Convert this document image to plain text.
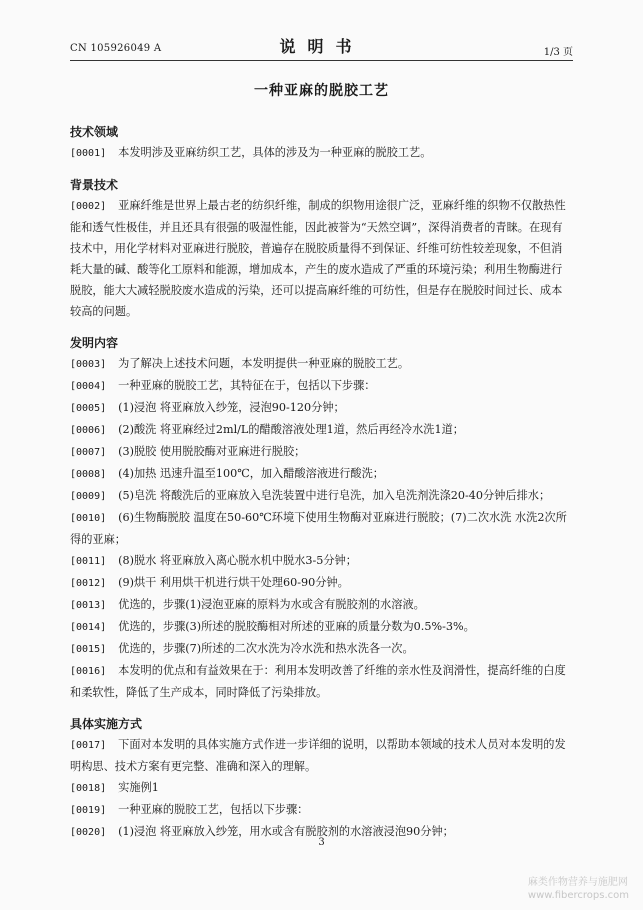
CN 105926049 A	说明书	1/3 页
一种亚麻的脱胶工艺

技术领域

[0001] 本发明涉及亚麻纺织工艺，具体的涉及为一种亚麻的脱胶工艺。

背景技术

[0002] 亚麻纤维是世界上最古老的纺织纤维，制成的织物用途很广泛，亚麻纤维的织物不仅散热性能和透气性极佳，并且还具有很强的吸湿性能，因此被誉为“天然空调”，深得消费者的青睐。在现有技术中，用化学材料对亚麻进行脱胶，普遍存在脱胶质量得不到保证、纤维可纺性较差现象，不但消耗大量的碱、酸等化工原料和能源，增加成本，产生的废水造成了严重的环境污染；利用生物酶进行脱胶，能大大减轻脱胶废水造成的污染，还可以提高麻纤维的可纺性，但是存在脱胶时间过长、成本较高的问题。

发明内容

[0003] 为了解决上述技术问题，本发明提供一种亚麻的脱胶工艺。

[0004] 一种亚麻的脱胶工艺，其特征在于，包括以下步骤：

[0005] (1)浸泡 将亚麻放入纱笼，浸泡90-120分钟；

[0006] (2)酸洗 将亚麻经过2ml/L的醋酸溶液处理1道，然后再经冷水洗1道；

[0007] (3)脱胶 使用脱胶酶对亚麻进行脱胶；

[0008] (4)加热 迅速升温至100℃，加入醋酸溶液进行酸洗；

[0009] (5)皂洗 将酸洗后的亚麻放入皂洗装置中进行皂洗，加入皂洗剂洗涤20-40分钟后排水；

[0010] (6)生物酶脱胶 温度在50-60℃环境下使用生物酶对亚麻进行脱胶；(7)二次水洗 水洗2次所得的亚麻；

[0011] (8)脱水 将亚麻放入离心脱水机中脱水3-5分钟；

[0012] (9)烘干 利用烘干机进行烘干处理60-90分钟。

[0013] 优选的，步骤(1)浸泡亚麻的原料为水或含有脱胶剂的水溶液。

[0014] 优选的，步骤(3)所述的脱胶酶相对所述的亚麻的质量分数为0.5%-3%。

[0015] 优选的，步骤(7)所述的二次水洗为冷水洗和热水洗各一次。

[0016] 本发明的优点和有益效果在于：利用本发明改善了纤维的亲水性及润滑性，提高纤维的白度和柔软性，降低了生产成本，同时降低了污染排放。

具体实施方式

[0017] 下面对本发明的具体实施方式作进一步详细的说明，以帮助本领域的技术人员对本发明的发明构思、技术方案有更完整、准确和深入的理解。

[0018] 实施例1

[0019] 一种亚麻的脱胶工艺，包括以下步骤：

[0020] (1)浸泡 将亚麻放入纱笼，用水或含有脱胶剂的水溶液浸泡90分钟；

3
麻类作物营养与施肥网
www.fibercrops.com
